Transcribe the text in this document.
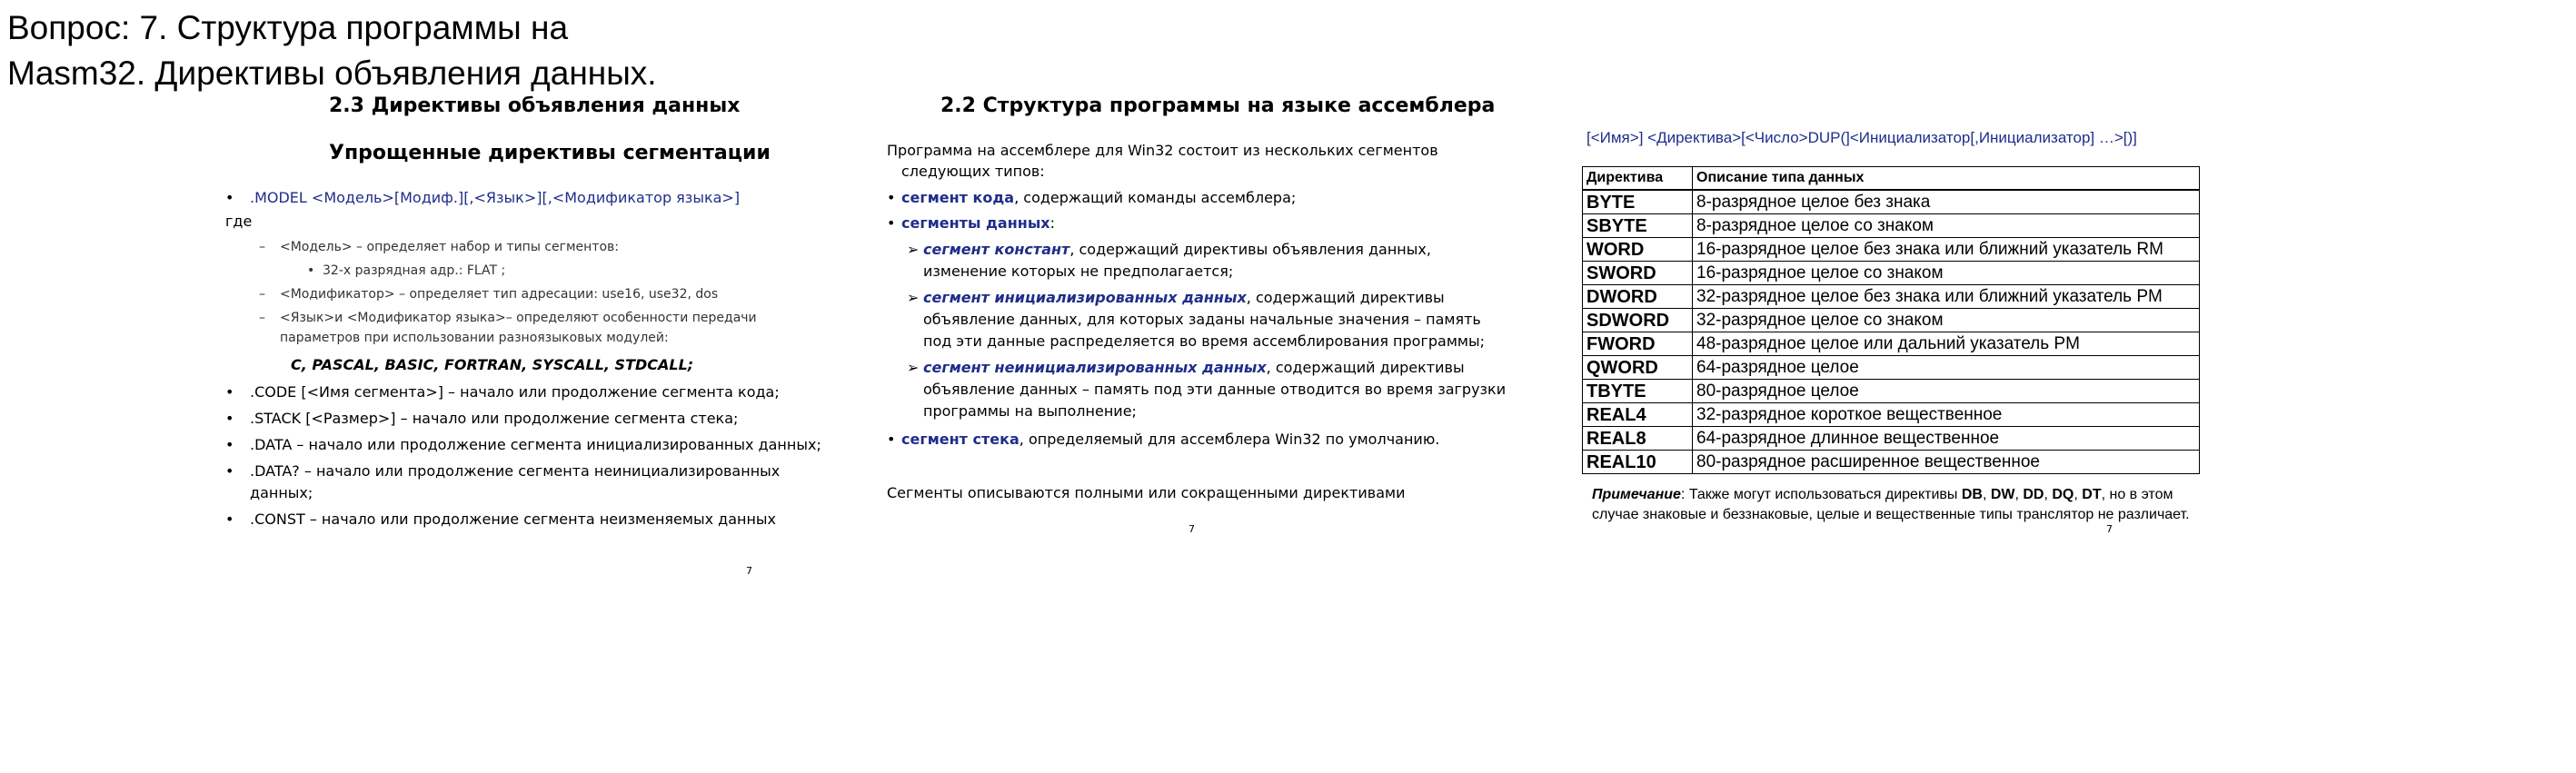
Вопрос: 7. Структура программы на Masm32. Директивы объявления данных.
2.3 Директивы объявления данных
Упрощенные директивы сегментации
• .MODEL <Модель>[Модиф.][,<Язык>][,<Модификатор языка>]
где
– <Модель> – определяет набор и типы сегментов:
• 32-х разрядная адр.: FLAT ;
– <Модификатор> – определяет тип адресации: use16, use32, dos
– <Язык>и <Модификатор языка>– определяют особенности передачи
параметров при использовании разноязыковых модулей:
C, PASCAL, BASIC, FORTRAN, SYSCALL, STDCALL;
• .CODE [<Имя сегмента>] – начало или продолжение сегмента кода;
• .STACK [<Размер>] – начало или продолжение сегмента стека;
• .DATA – начало или продолжение сегмента инициализированных данных;
• .DATA? – начало или продолжение сегмента неинициализированных
данных;
• .CONST – начало или продолжение сегмента неизменяемых данных
7
2.2 Структура программы на языке ассемблера
Программа на ассемблере для Win32 состоит из нескольких сегментов
следующих типов:
• сегмент кода, содержащий команды ассемблера;
• сегменты данных:
➢ сегмент констант, содержащий директивы объявления данных,
изменение которых не предполагается;
➢ сегмент инициализированных данных, содержащий директивы
объявление данных, для которых заданы начальные значения – память
под эти данные распределяется во время ассемблирования программы;
➢ сегмент неинициализированных данных, содержащий директивы
объявление данных – память под эти данные отводится во время загрузки
программы на выполнение;
• сегмент стека, определяемый для ассемблера Win32 по умолчанию.
Сегменты описываются полными или сокращенными директивами
7
[<Имя>] <Директива>[<Число>DUP(]<Инициализатор[,Инициализатор] …>[)]
Директива	Описание типа данных
BYTE	8-разрядное целое без знака
SBYTE	8-разрядное целое со знаком
WORD	16-разрядное целое без знака или ближний указатель RM
SWORD	16-разрядное целое со знаком
DWORD	32-разрядное целое без знака или ближний указатель PM
SDWORD	32-разрядное целое со знаком
FWORD	48-разрядное целое или дальний указатель PM
QWORD	64-разрядное целое
TBYTE	80-разрядное целое
REAL4	32-разрядное короткое вещественное
REAL8	64-разрядное длинное вещественное
REAL10	80-разрядное расширенное вещественное
Примечание: Также могут использоваться директивы DB, DW, DD, DQ, DT, но в этом случае знаковые и беззнаковые, целые и вещественные типы транслятор не различает.
7
